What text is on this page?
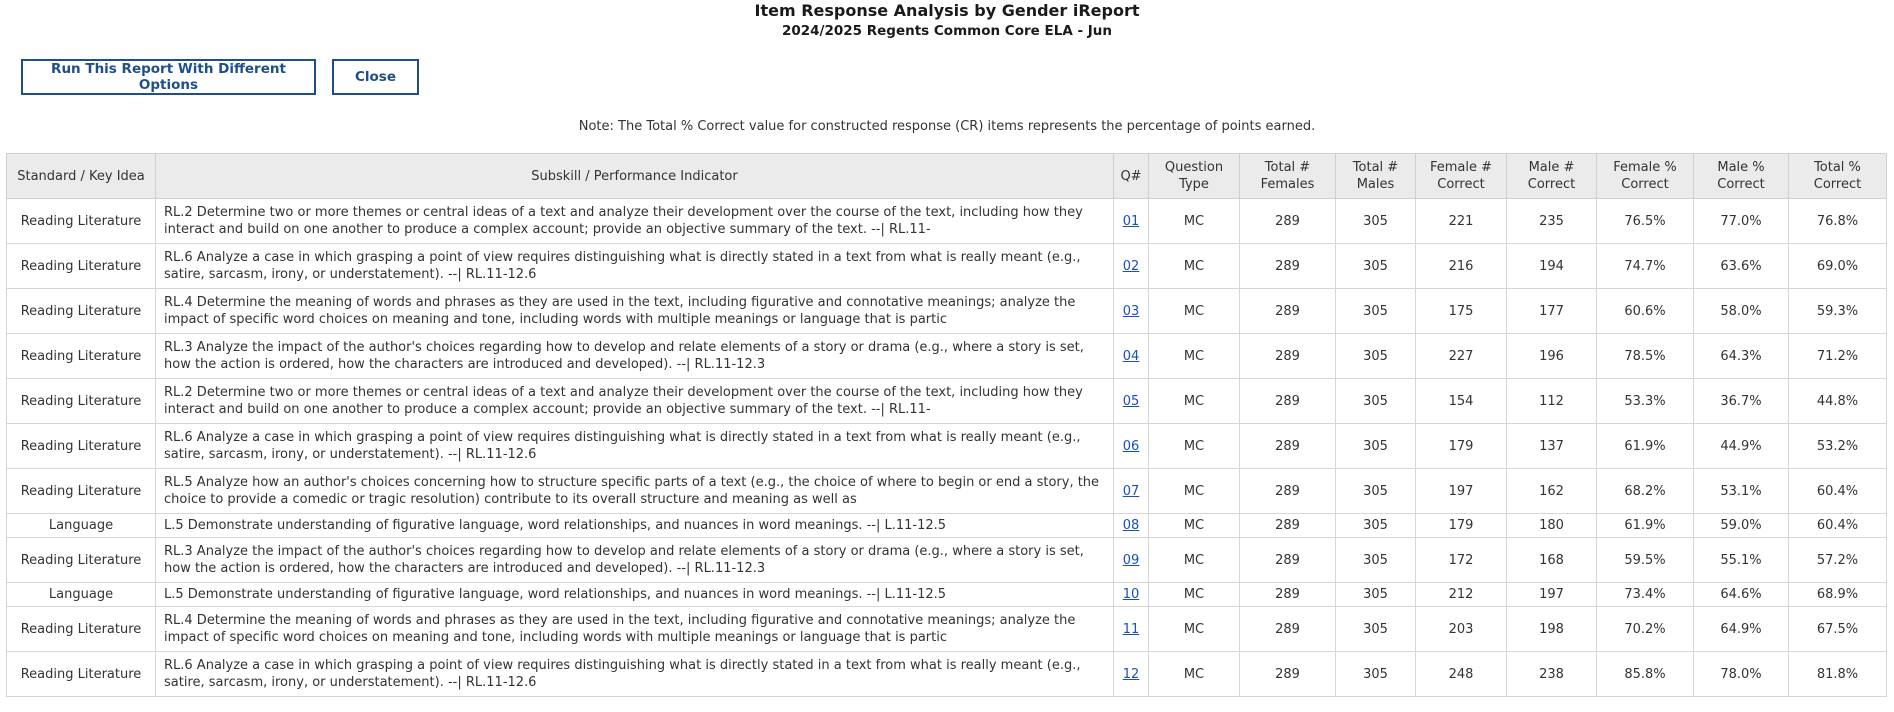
Item Response Analysis by Gender iReport
2024/2025 Regents Common Core ELA - Jun
Run This Report With Different Options	Close
Note: The Total % Correct value for constructed response (CR) items represents the percentage of points earned.
Standard / Key Idea	Subskill / Performance Indicator	Q#	Question Type	Total # Females	Total # Males	Female # Correct	Male # Correct	Female % Correct	Male % Correct	Total % Correct
Reading Literature	RL.2 Determine two or more themes or central ideas of a text and analyze their development over the course of the text, including how they interact and build on one another to produce a complex account; provide an objective summary of the text. --| RL.11-	01	MC	289	305	221	235	76.5%	77.0%	76.8%
Reading Literature	RL.6 Analyze a case in which grasping a point of view requires distinguishing what is directly stated in a text from what is really meant (e.g., satire, sarcasm, irony, or understatement). --| RL.11-12.6	02	MC	289	305	216	194	74.7%	63.6%	69.0%
Reading Literature	RL.4 Determine the meaning of words and phrases as they are used in the text, including figurative and connotative meanings; analyze the impact of specific word choices on meaning and tone, including words with multiple meanings or language that is partic	03	MC	289	305	175	177	60.6%	58.0%	59.3%
Reading Literature	RL.3 Analyze the impact of the author's choices regarding how to develop and relate elements of a story or drama (e.g., where a story is set, how the action is ordered, how the characters are introduced and developed). --| RL.11-12.3	04	MC	289	305	227	196	78.5%	64.3%	71.2%
Reading Literature	RL.2 Determine two or more themes or central ideas of a text and analyze their development over the course of the text, including how they interact and build on one another to produce a complex account; provide an objective summary of the text. --| RL.11-	05	MC	289	305	154	112	53.3%	36.7%	44.8%
Reading Literature	RL.6 Analyze a case in which grasping a point of view requires distinguishing what is directly stated in a text from what is really meant (e.g., satire, sarcasm, irony, or understatement). --| RL.11-12.6	06	MC	289	305	179	137	61.9%	44.9%	53.2%
Reading Literature	RL.5 Analyze how an author's choices concerning how to structure specific parts of a text (e.g., the choice of where to begin or end a story, the choice to provide a comedic or tragic resolution) contribute to its overall structure and meaning as well as	07	MC	289	305	197	162	68.2%	53.1%	60.4%
Language	L.5 Demonstrate understanding of figurative language, word relationships, and nuances in word meanings. --| L.11-12.5	08	MC	289	305	179	180	61.9%	59.0%	60.4%
Reading Literature	RL.3 Analyze the impact of the author's choices regarding how to develop and relate elements of a story or drama (e.g., where a story is set, how the action is ordered, how the characters are introduced and developed). --| RL.11-12.3	09	MC	289	305	172	168	59.5%	55.1%	57.2%
Language	L.5 Demonstrate understanding of figurative language, word relationships, and nuances in word meanings. --| L.11-12.5	10	MC	289	305	212	197	73.4%	64.6%	68.9%
Reading Literature	RL.4 Determine the meaning of words and phrases as they are used in the text, including figurative and connotative meanings; analyze the impact of specific word choices on meaning and tone, including words with multiple meanings or language that is partic	11	MC	289	305	203	198	70.2%	64.9%	67.5%
Reading Literature	RL.6 Analyze a case in which grasping a point of view requires distinguishing what is directly stated in a text from what is really meant (e.g., satire, sarcasm, irony, or understatement). --| RL.11-12.6	12	MC	289	305	248	238	85.8%	78.0%	81.8%
